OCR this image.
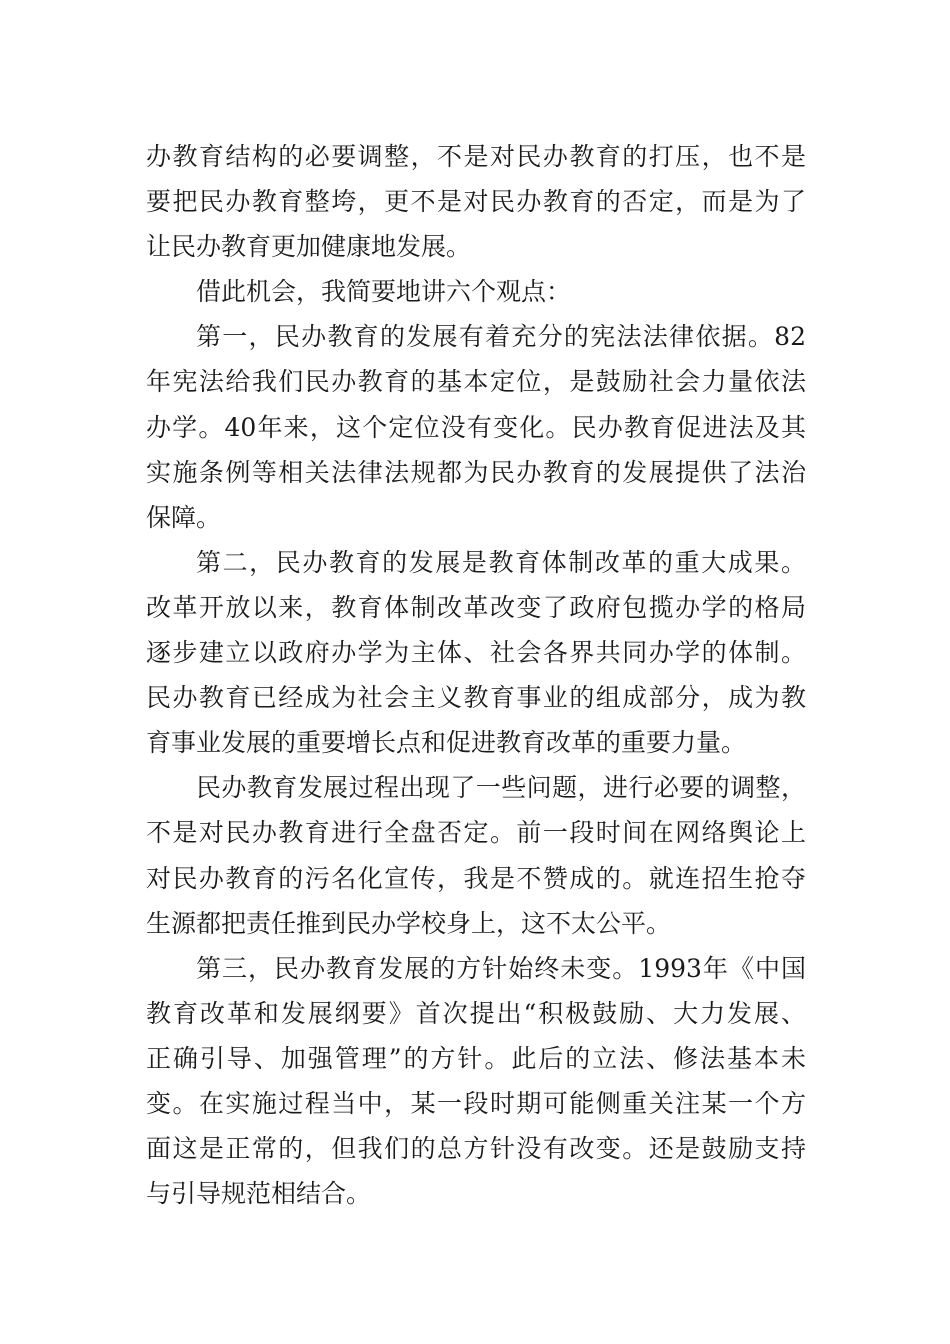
办教育结构的必要调整，不是对民办教育的打压，也不是
要把民办教育整垮，更不是对民办教育的否定，而是为了
让民办教育更加健康地发展。
借此机会，我简要地讲六个观点：
第一，民办教育的发展有着充分的宪法法律依据。82
年宪法给我们民办教育的基本定位，是鼓励社会力量依法
办学。40年来，这个定位没有变化。民办教育促进法及其
实施条例等相关法律法规都为民办教育的发展提供了法治
保障。
第二，民办教育的发展是教育体制改革的重大成果。
改革开放以来，教育体制改革改变了政府包揽办学的格局
逐步建立以政府办学为主体、社会各界共同办学的体制。
民办教育已经成为社会主义教育事业的组成部分，成为教
育事业发展的重要增长点和促进教育改革的重要力量。
民办教育发展过程出现了一些问题，进行必要的调整，
不是对民办教育进行全盘否定。前一段时间在网络舆论上
对民办教育的污名化宣传，我是不赞成的。就连招生抢夺
生源都把责任推到民办学校身上，这不太公平。
第三，民办教育发展的方针始终未变。1993年《中国
教育改革和发展纲要》首次提出“积极鼓励、大力发展、
正确引导、加强管理”的方针。此后的立法、修法基本未
变。在实施过程当中，某一段时期可能侧重关注某一个方
面这是正常的，但我们的总方针没有改变。还是鼓励支持
与引导规范相结合。
